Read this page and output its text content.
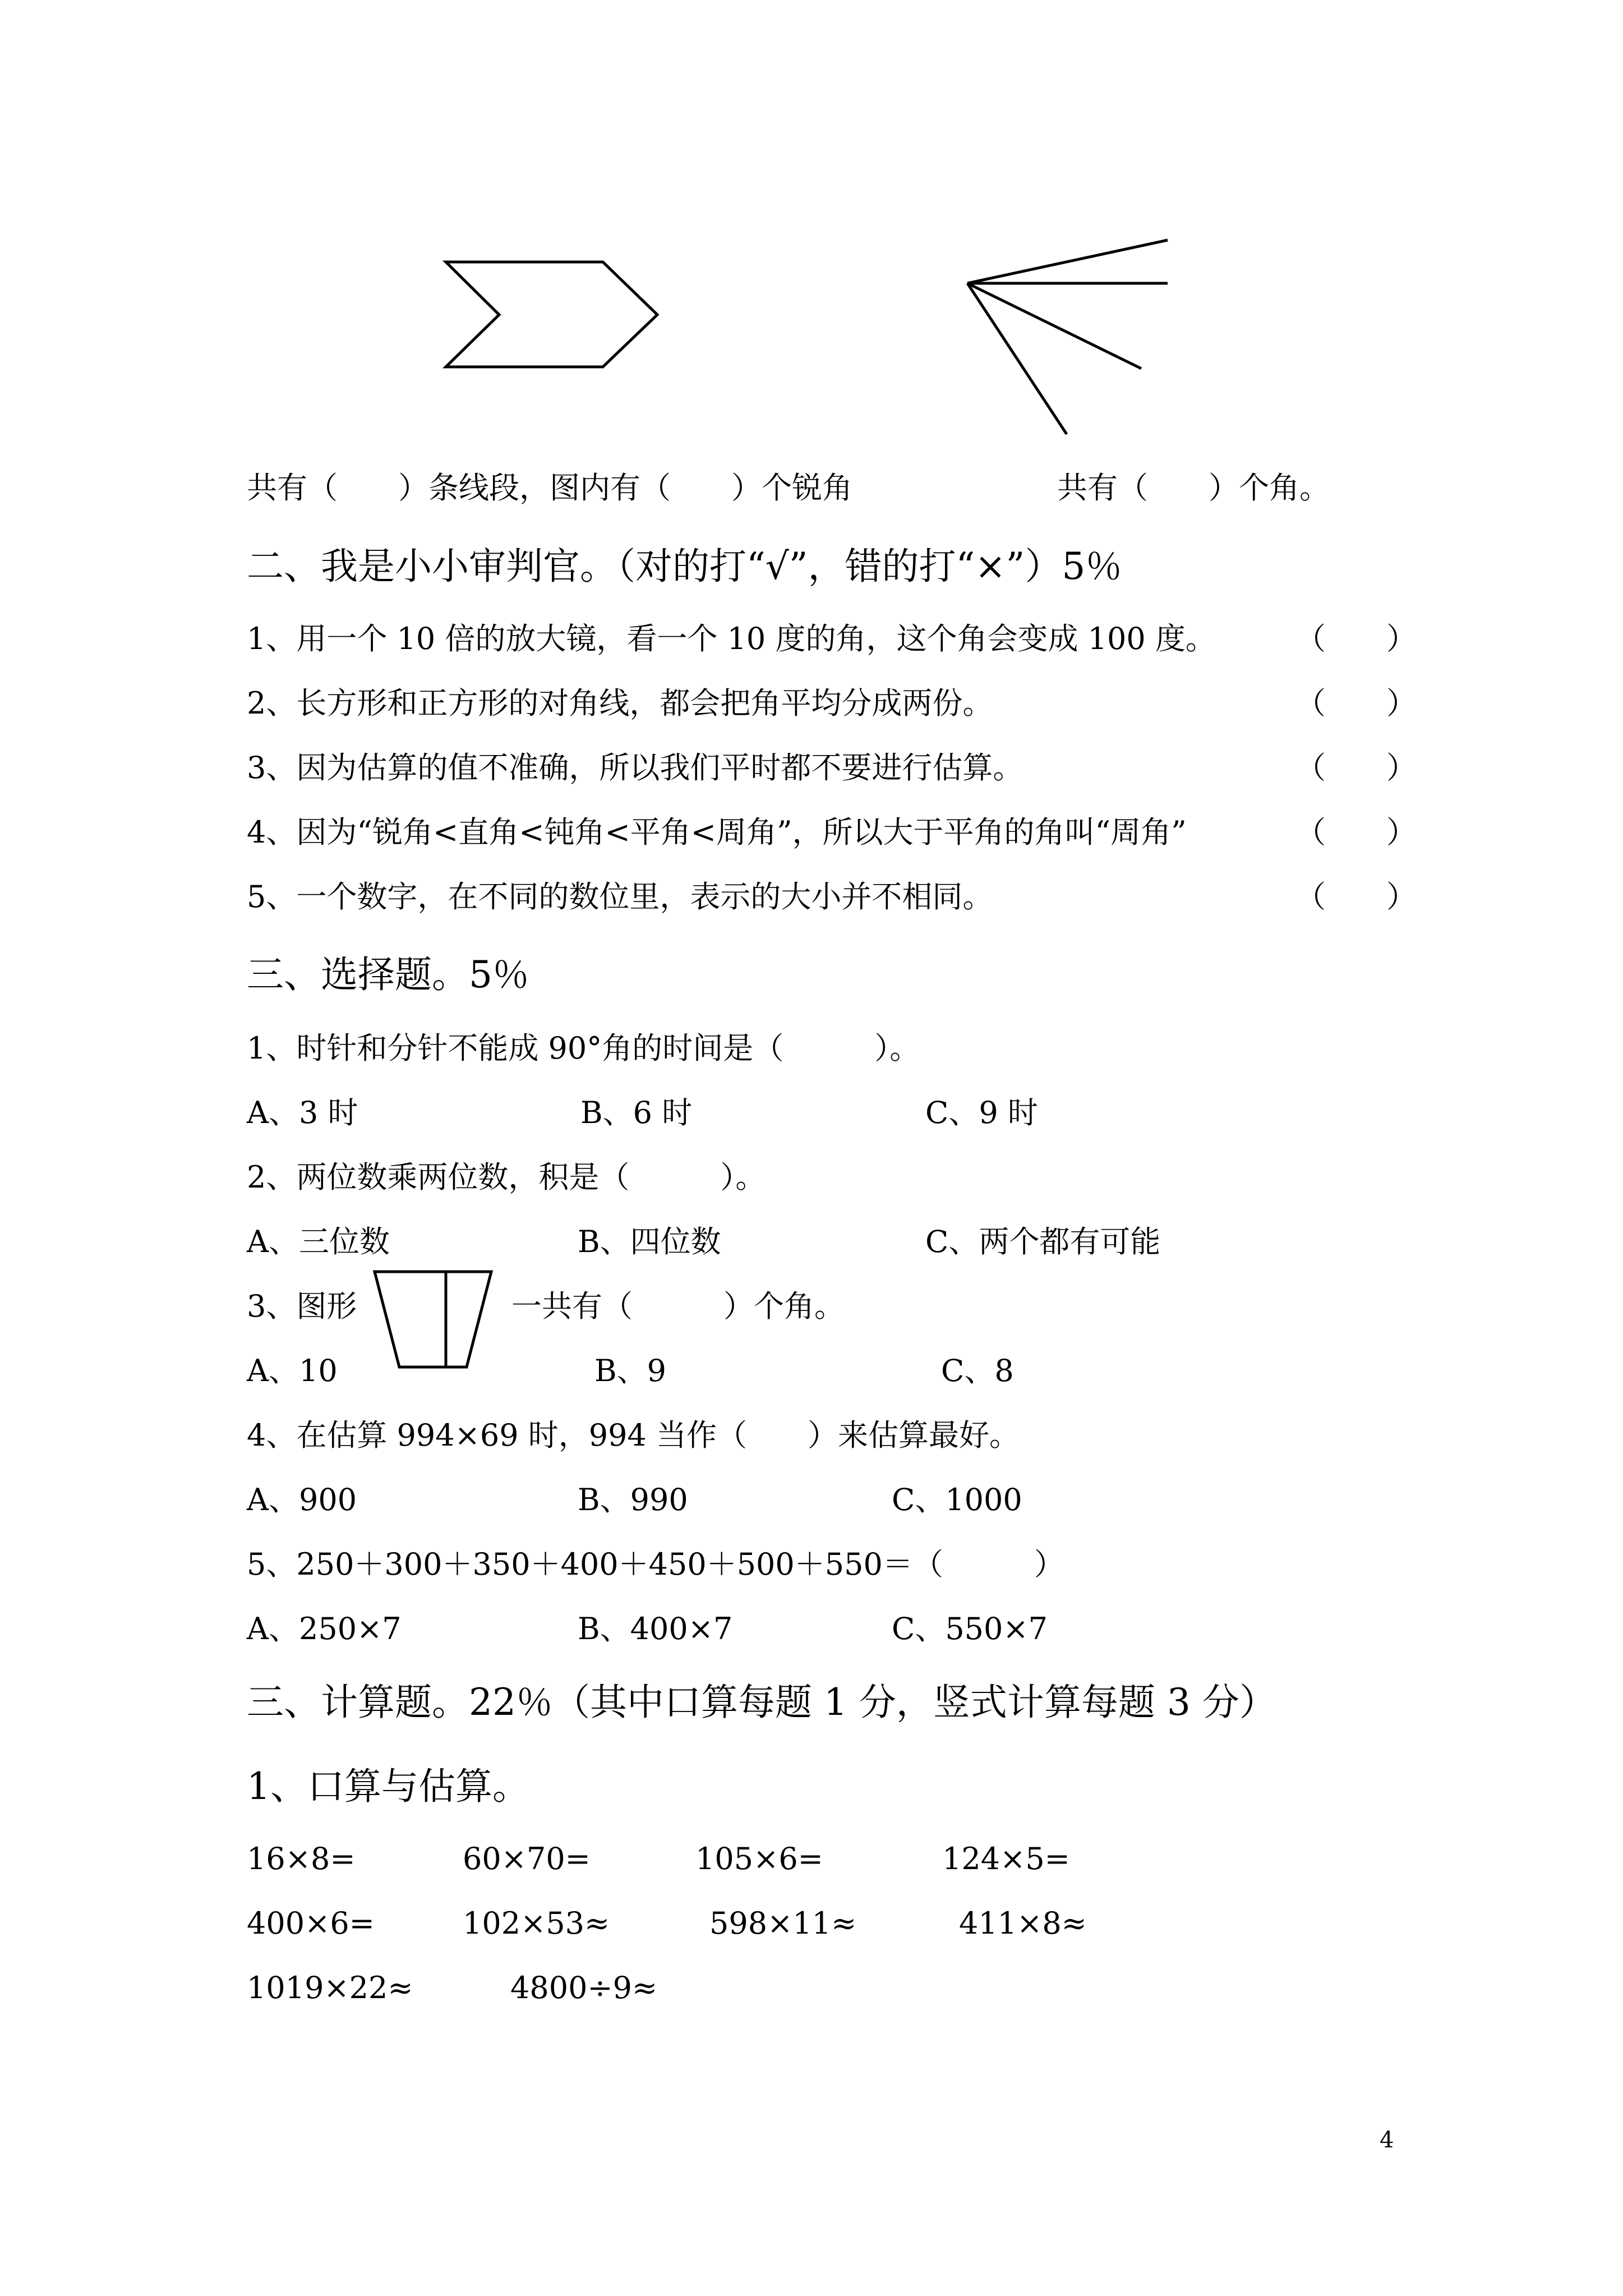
共有（　　）条线段，图内有（　　）个锐角	共有（　　）个角。
二、我是小小审判官。（对的打“√”，错的打“×”）5％
1、用一个 10 倍的放大镜，看一个 10 度的角，这个角会变成 100 度。	（　　）
2、长方形和正方形的对角线，都会把角平均分成两份。	（　　）
3、因为估算的值不准确，所以我们平时都不要进行估算。	（　　）
4、因为“锐角<直角<钝角<平角<周角”，所以大于平角的角叫“周角”	（　　）
5、一个数字，在不同的数位里，表示的大小并不相同。	（　　）
三、选择题。5％
1、时针和分针不能成 90°角的时间是（　　　）。
A、3 时	B、6 时	C、9 时
2、两位数乘两位数，积是（　　　）。
A、三位数	B、四位数	C、两个都有可能
3、图形	一共有（　　　）个角。
A、10	B、9	C、8
4、在估算 994×69 时，994 当作（　　）来估算最好。
A、900	B、990	C、1000
5、250＋300＋350＋400＋450＋500＋550＝（　　　）
A、250×7	B、400×7	C、550×7
三、计算题。22％（其中口算每题 1 分，竖式计算每题 3 分）
1、口算与估算。
16×8=	60×70=	105×6=	124×5=
400×6=	102×53≈	598×11≈	411×8≈
1019×22≈	4800÷9≈
4
